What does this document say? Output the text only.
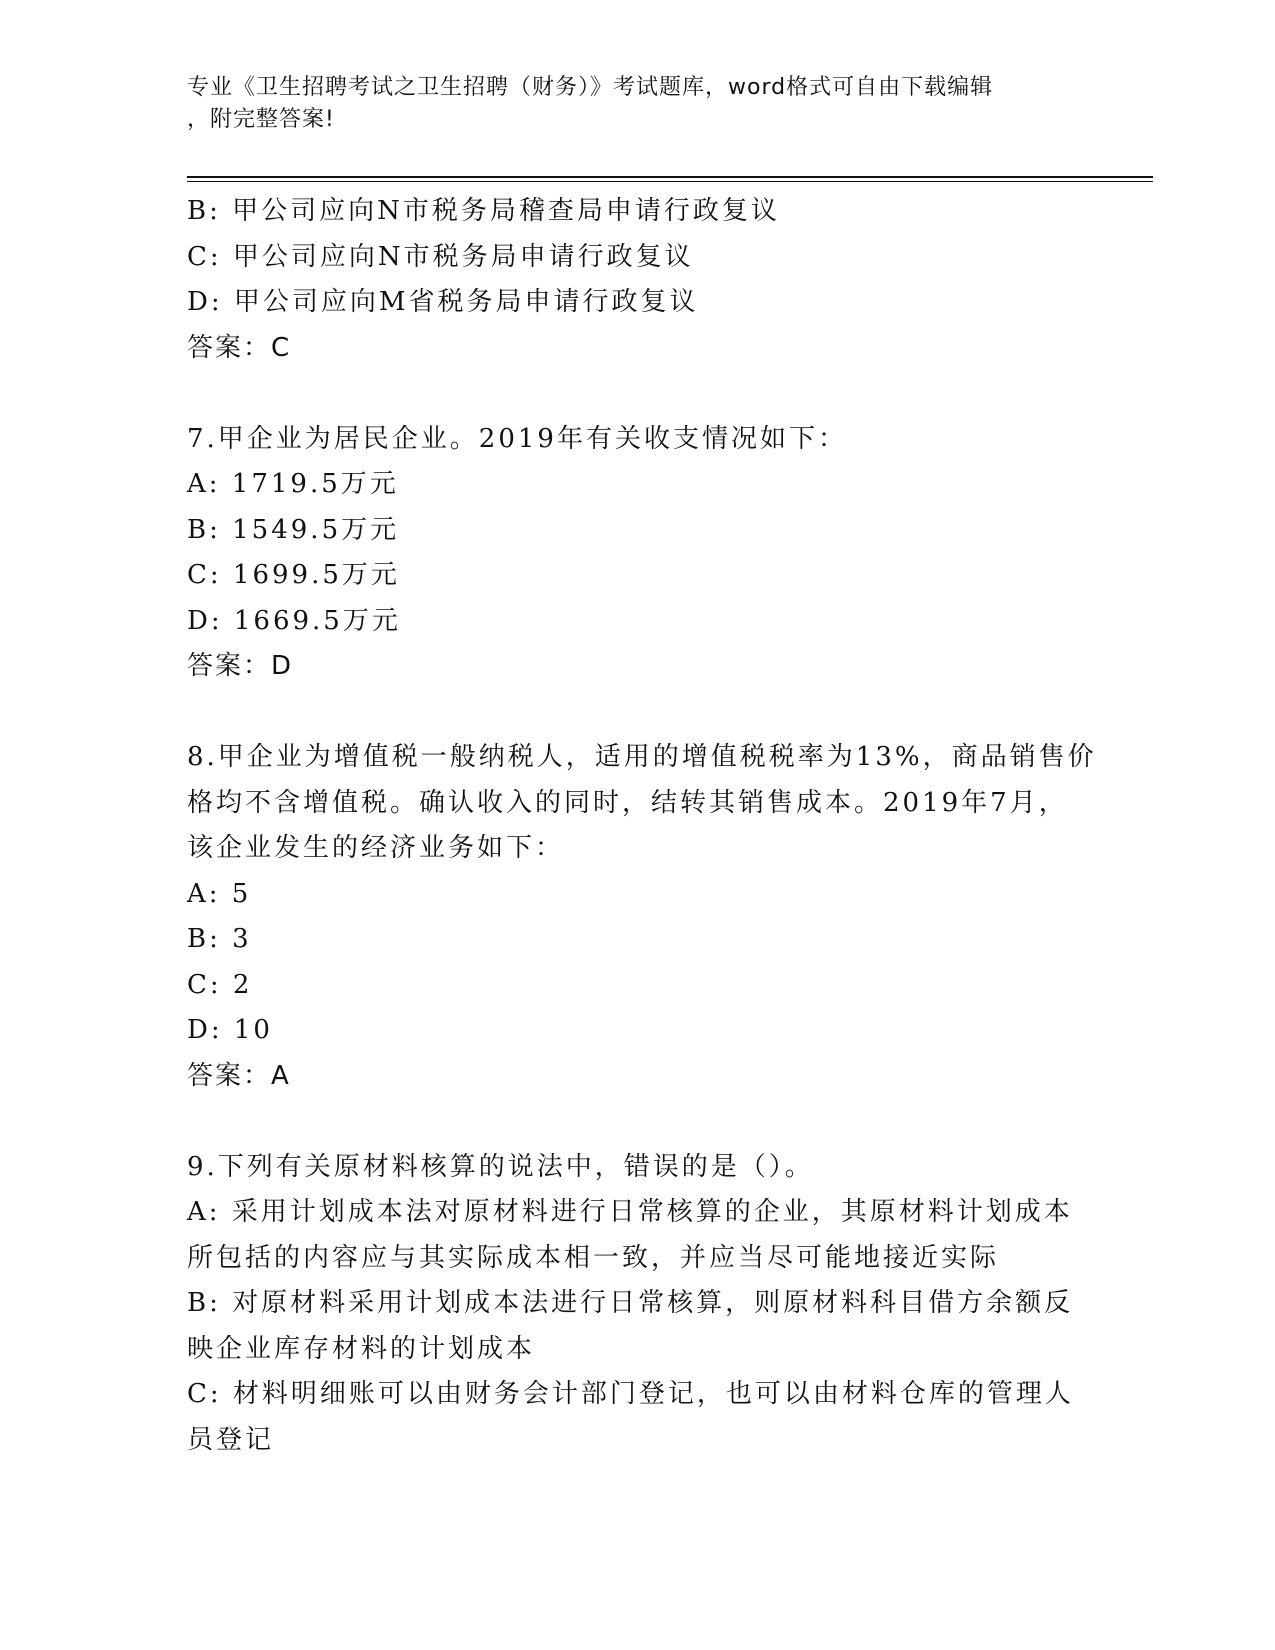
专业《卫生招聘考试之卫生招聘（财务）》考试题库，word格式可自由下载编辑
，附完整答案!
B: 甲公司应向N市税务局稽查局申请行政复议
C: 甲公司应向N市税务局申请行政复议
D: 甲公司应向M省税务局申请行政复议
答案：C
7.甲企业为居民企业。2019年有关收支情况如下：
A: 1719.5万元
B: 1549.5万元
C: 1699.5万元
D: 1669.5万元
答案：D
8.甲企业为增值税一般纳税人，适用的增值税税率为13%，商品销售价
格均不含增值税。确认收入的同时，结转其销售成本。2019年7月，
该企业发生的经济业务如下：
A: 5
B: 3
C: 2
D: 10
答案：A
9.下列有关原材料核算的说法中，错误的是（）。
A: 采用计划成本法对原材料进行日常核算的企业，其原材料计划成本
所包括的内容应与其实际成本相一致，并应当尽可能地接近实际
B: 对原材料采用计划成本法进行日常核算，则原材料科目借方余额反
映企业库存材料的计划成本
C: 材料明细账可以由财务会计部门登记，也可以由材料仓库的管理人
员登记
